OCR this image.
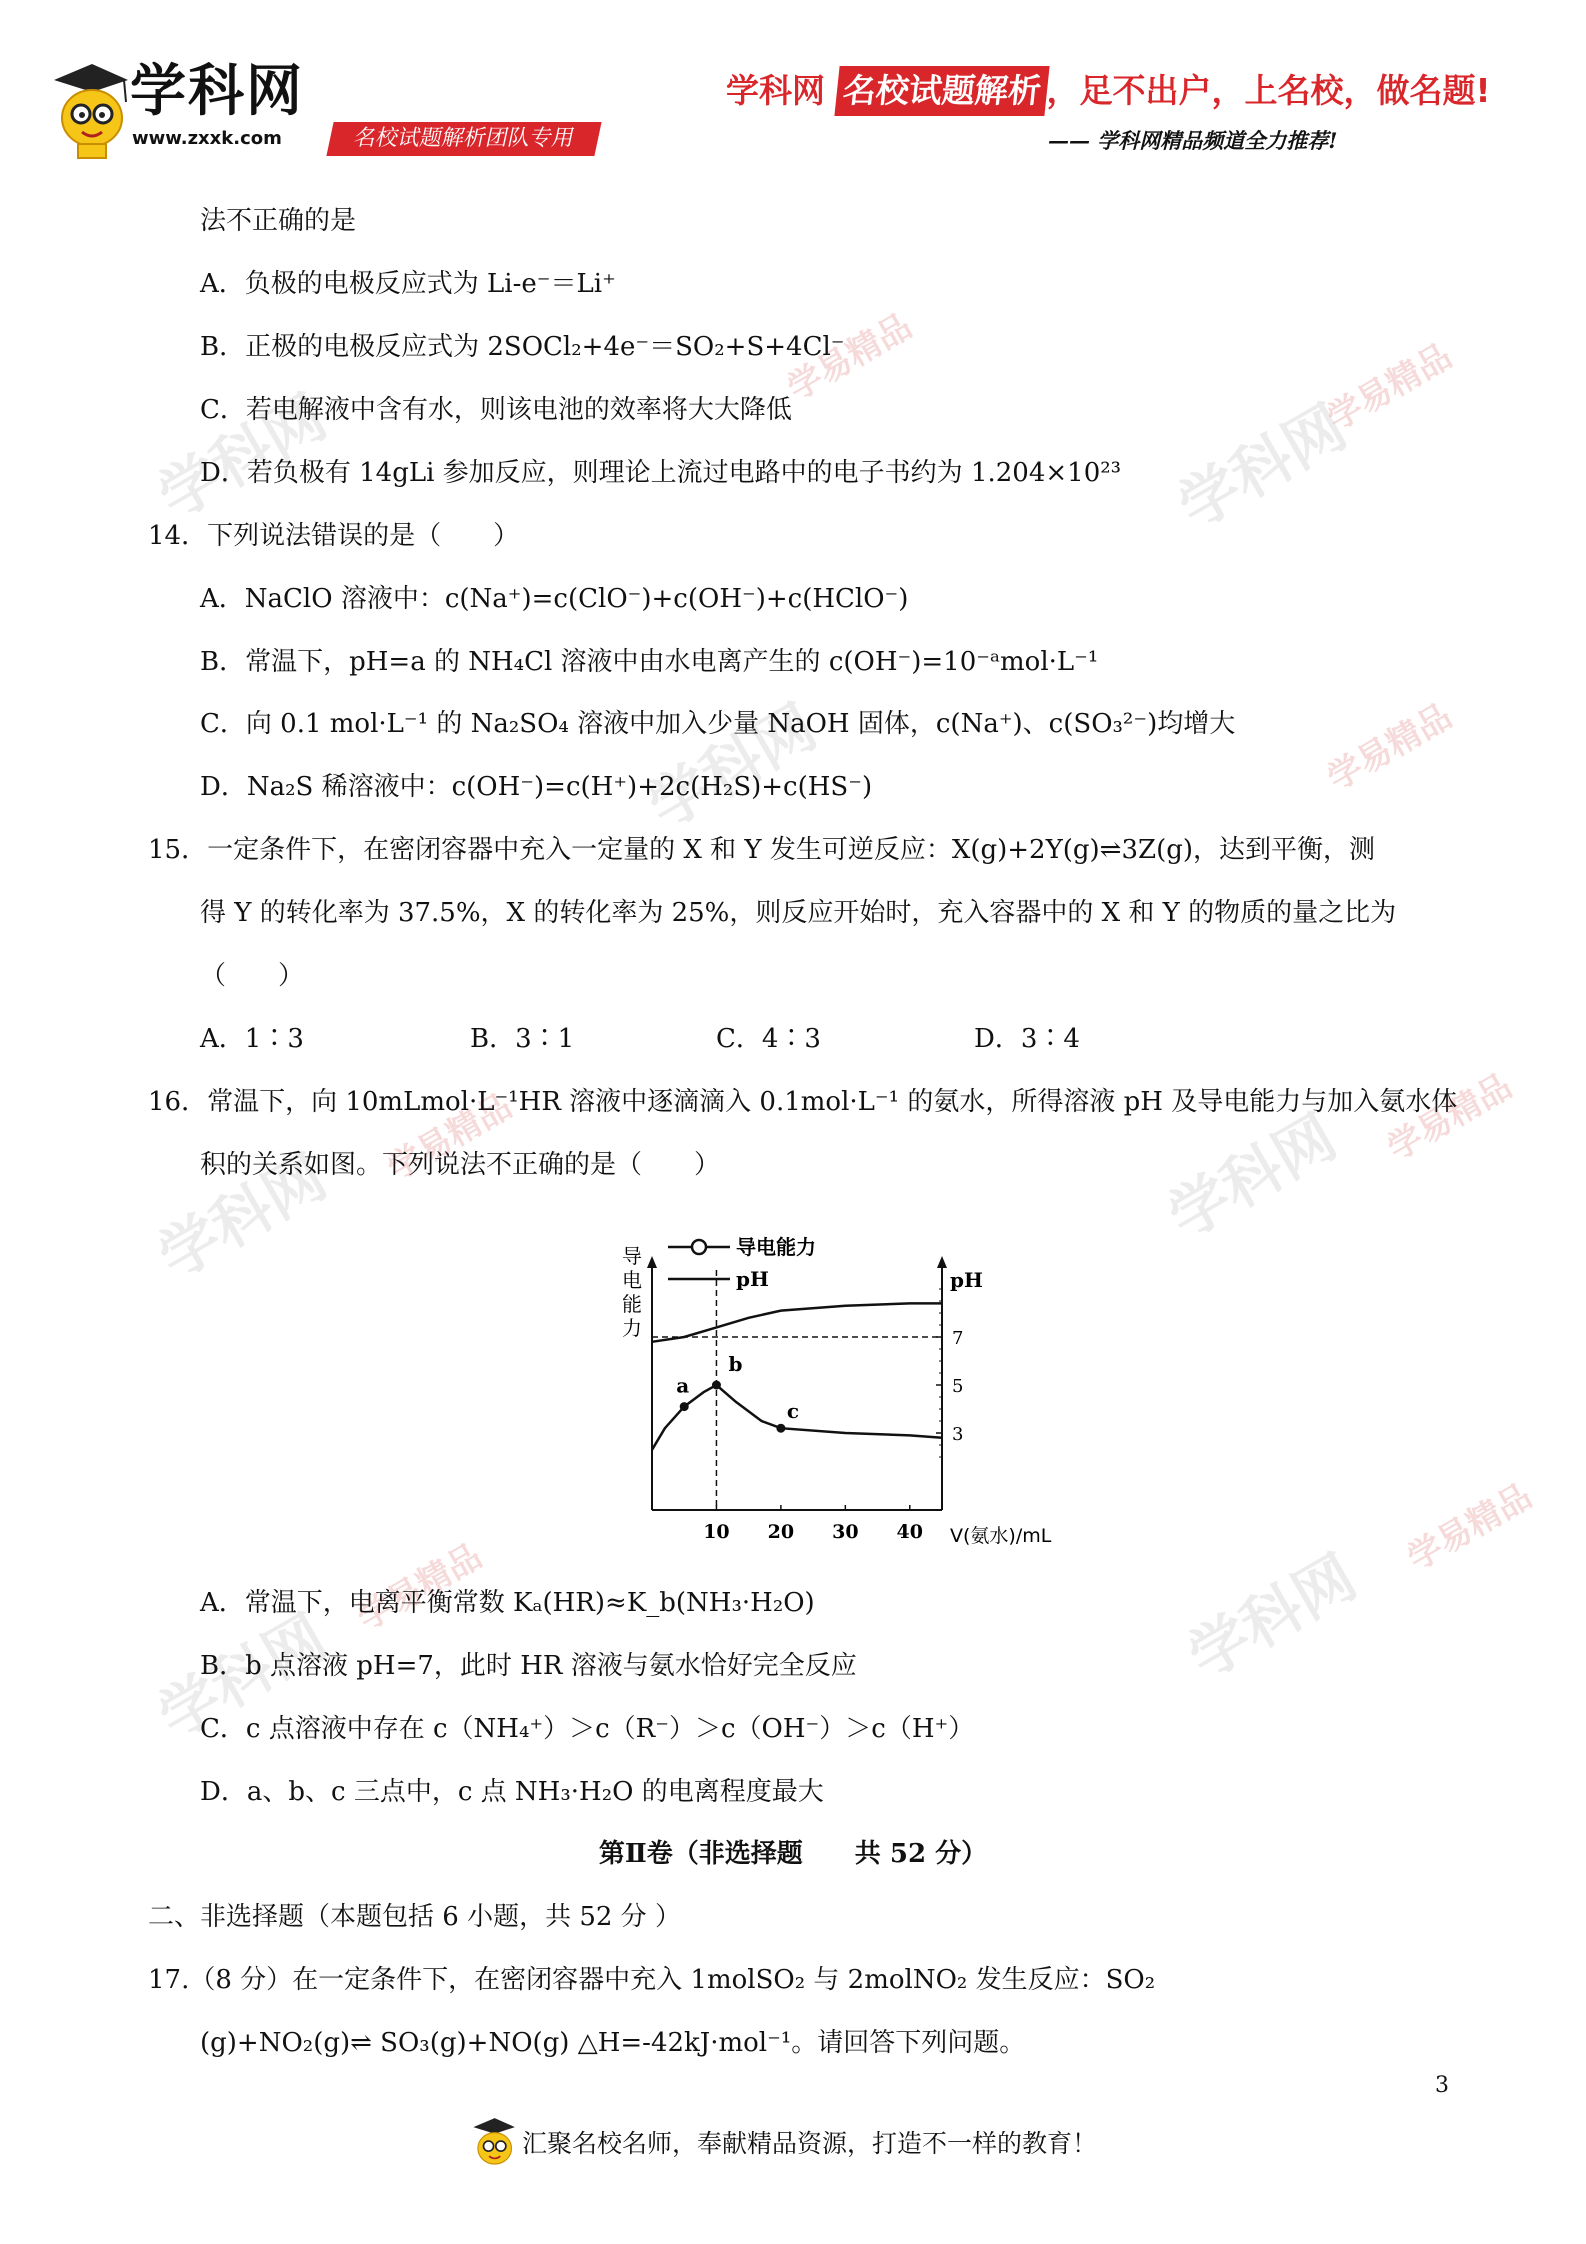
学科网
www.zxxk.com	名校试题解析团队专用
学科网 名校试题解析 ，足不出户，上名校，做名题!
—— 学科网精品频道全力推荐!
学科网
学易精品
学科网
学易精品
学科网	学易精品
学科网
学易精品	学科网 学易精品
学科网
学易精品
学科网
学易精品
法不正确的是
A．负极的电极反应式为 Li-e⁻＝Li⁺
B．正极的电极反应式为 2SOCl₂+4e⁻＝SO₂+S+4Cl⁻
C．若电解液中含有水，则该电池的效率将大大降低
D．若负极有 14gLi 参加反应，则理论上流过电路中的电子书约为 1.204×10²³
14．下列说法错误的是（　　）
A．NaClO 溶液中：c(Na⁺)=c(ClO⁻)+c(OH⁻)+c(HClO⁻)
B．常温下，pH=a 的 NH₄Cl 溶液中由水电离产生的 c(OH⁻)=10⁻ᵃmol·L⁻¹
C．向 0.1 mol·L⁻¹ 的 Na₂SO₄ 溶液中加入少量 NaOH 固体，c(Na⁺)、c(SO₃²⁻)均增大
D．Na₂S 稀溶液中：c(OH⁻)=c(H⁺)+2c(H₂S)+c(HS⁻)
15．一定条件下，在密闭容器中充入一定量的 X 和 Y 发生可逆反应：X(g)+2Y(g)⇌3Z(g)，达到平衡，测
得 Y 的转化率为 37.5%，X 的转化率为 25%，则反应开始时，充入容器中的 X 和 Y 的物质的量之比为
（　　）
A．1∶3	B．3∶1	C．4∶3	D．3∶4
16．常温下，向 10mLmol·L⁻¹HR 溶液中逐滴滴入 0.1mol·L⁻¹ 的氨水，所得溶液 pH 及导电能力与加入氨水体
积的关系如图。下列说法不正确的是（　　）
导
电
能
力
pH
7
5
3
10 20 30 40 V(氨水)/mL
a
b
c
导电能力
pH
A．常温下，电离平衡常数 Kₐ(HR)≈K_b(NH₃·H₂O)
B．b 点溶液 pH=7，此时 HR 溶液与氨水恰好完全反应
C．c 点溶液中存在 c（NH₄⁺）＞c（R⁻）＞c（OH⁻）＞c（H⁺）
D．a、b、c 三点中，c 点 NH₃·H₂O 的电离程度最大
第Ⅱ卷（非选择题　　共 52 分）
二、非选择题（本题包括 6 小题，共 52 分 ）
17.（8 分）在一定条件下，在密闭容器中充入 1molSO₂ 与 2molNO₂ 发生反应：SO₂
(g)+NO₂(g)⇌ SO₃(g)+NO(g) △H=-42kJ·mol⁻¹。请回答下列问题。
汇聚名校名师，奉献精品资源，打造不一样的教育！
3
